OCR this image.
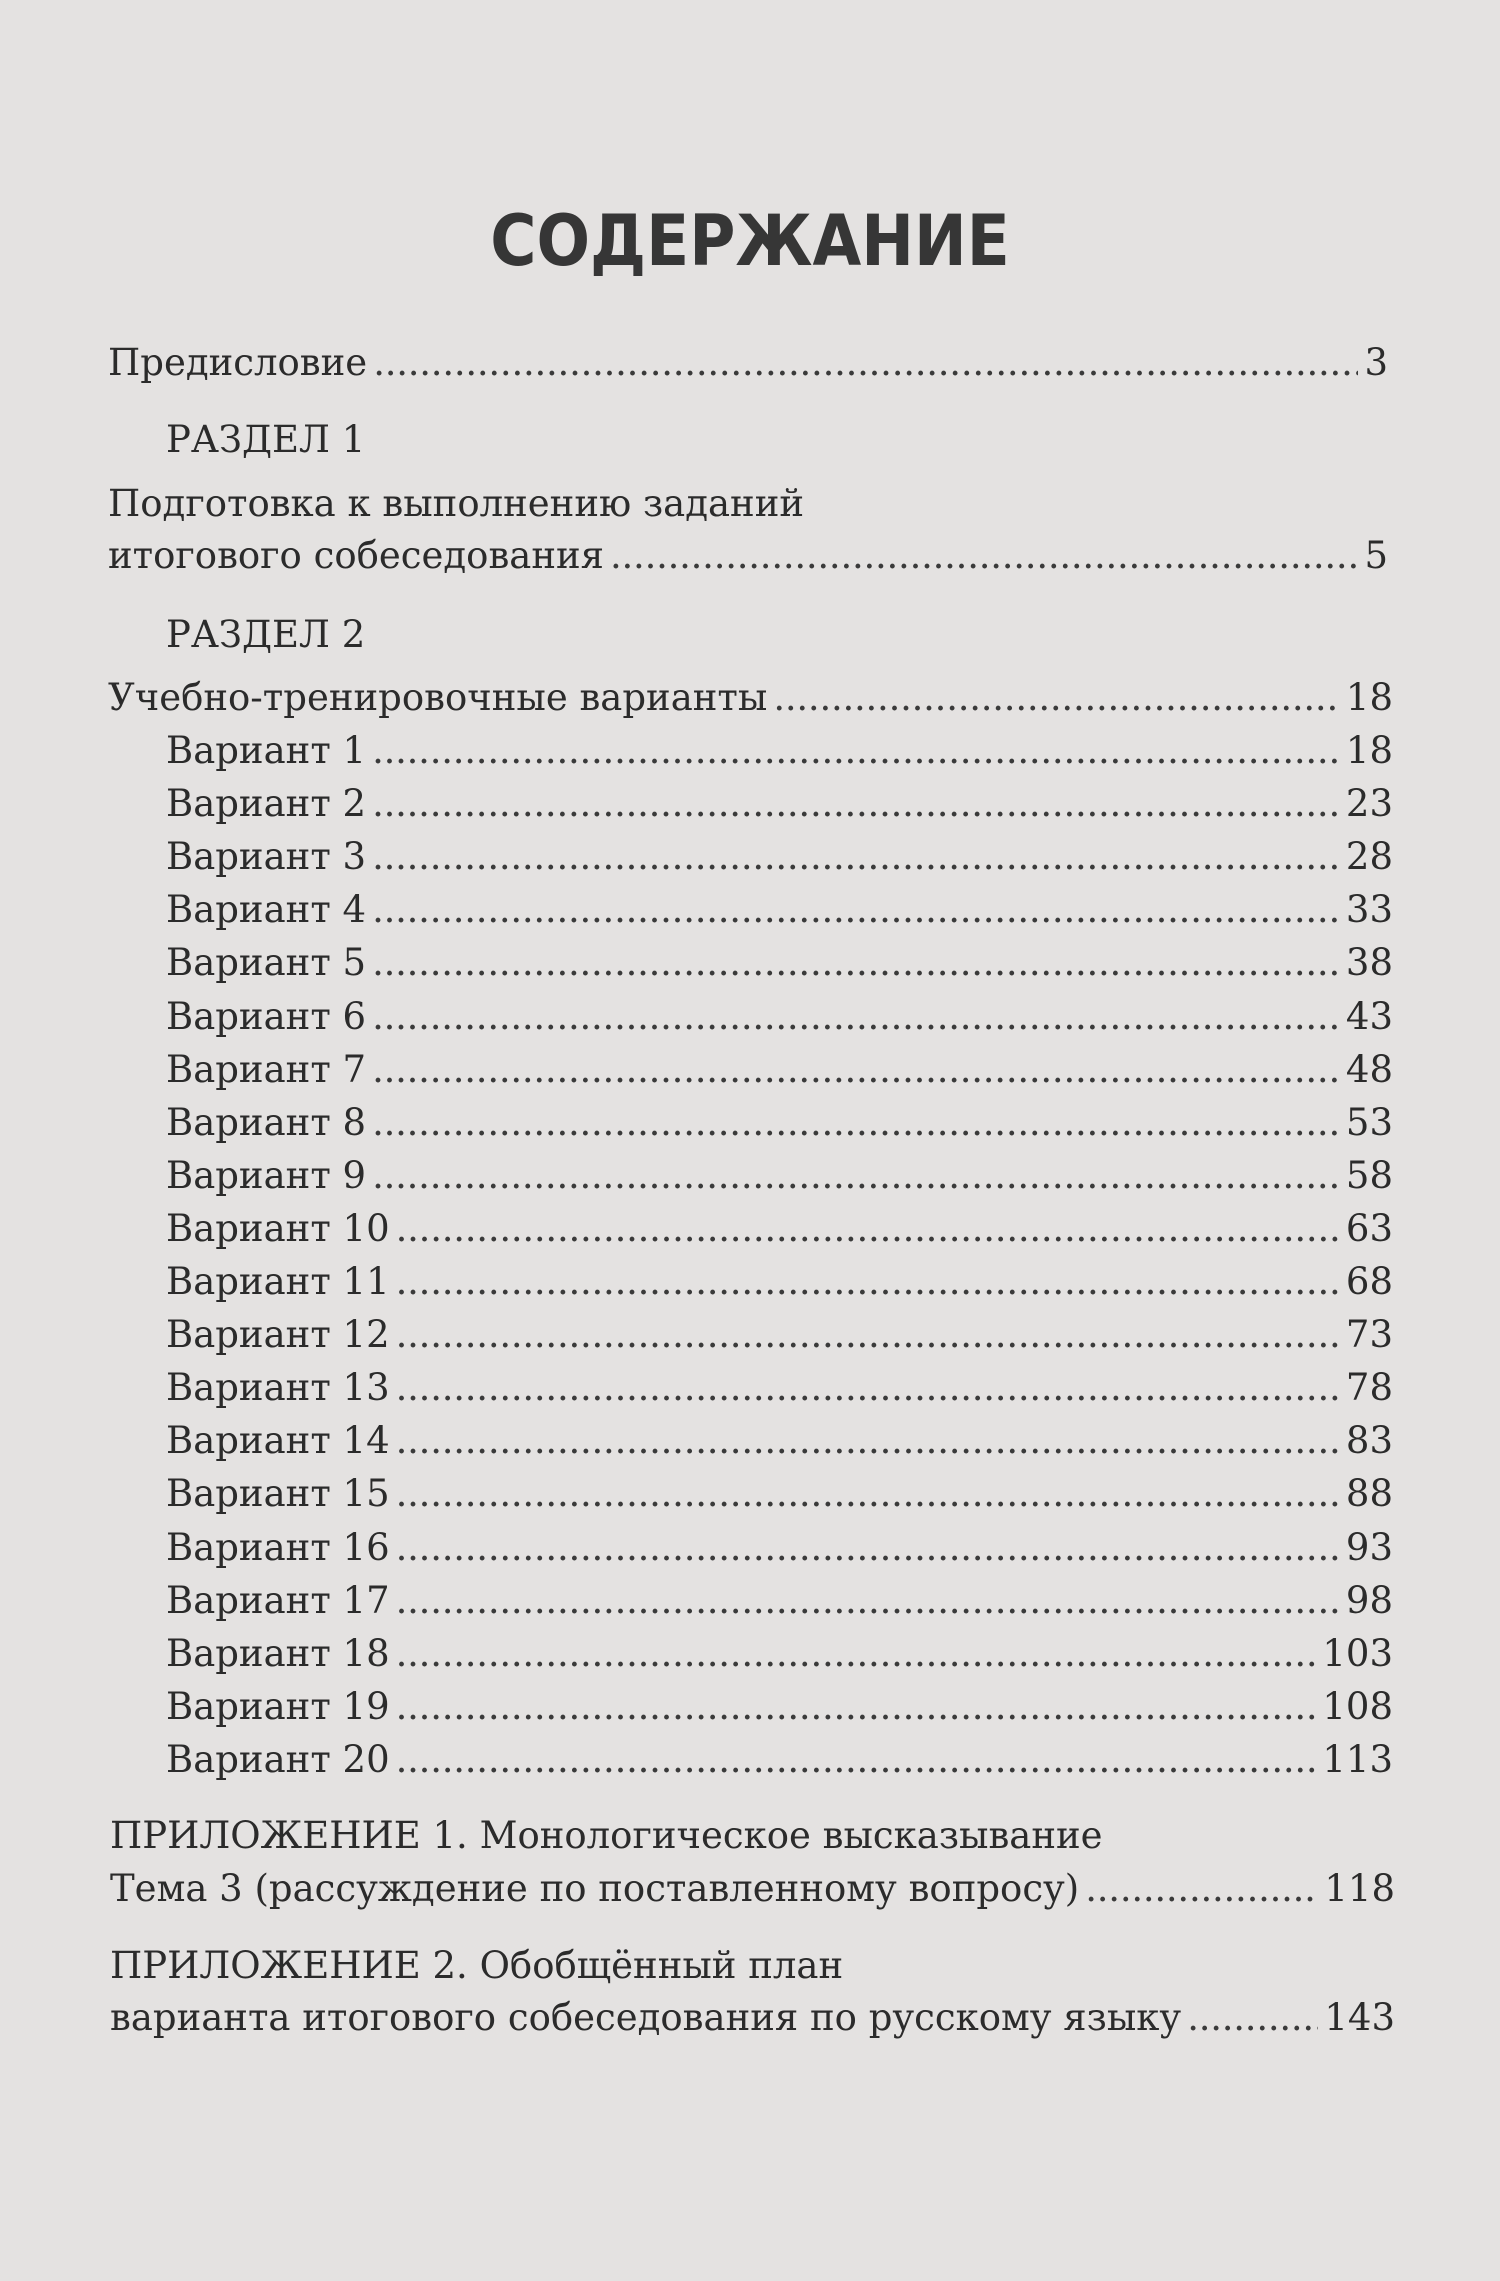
СОДЕРЖАНИЕ
Предисловие . . .	3
РАЗДЕЛ 1
Подготовка к выполнению заданий
итогового собеседования . . .	5
РАЗДЕЛ 2
Учебно-тренировочные варианты . . .	18
Вариант 1 . . .	18
Вариант 2 . . .	23
Вариант 3 . . .	28
Вариант 4 . . .	33
Вариант 5 . . .	38
Вариант 6 . . .	43
Вариант 7 . . .	48
Вариант 8 . . .	53
Вариант 9 . . .	58
Вариант 10 . . .	63
Вариант 11 . . .	68
Вариант 12 . . .	73
Вариант 13 . . .	78
Вариант 14 . . .	83
Вариант 15 . . .	88
Вариант 16 . . .	93
Вариант 17 . . .	98
Вариант 18 . . .	103
Вариант 19 . . .	108
Вариант 20 . . .	113
ПРИЛОЖЕНИЕ 1. Монологическое высказывание
Тема 3 (рассуждение по поставленному вопросу) . . .	118
ПРИЛОЖЕНИЕ 2. Обобщённый план
варианта итогового собеседования по русскому языку . . .	143
